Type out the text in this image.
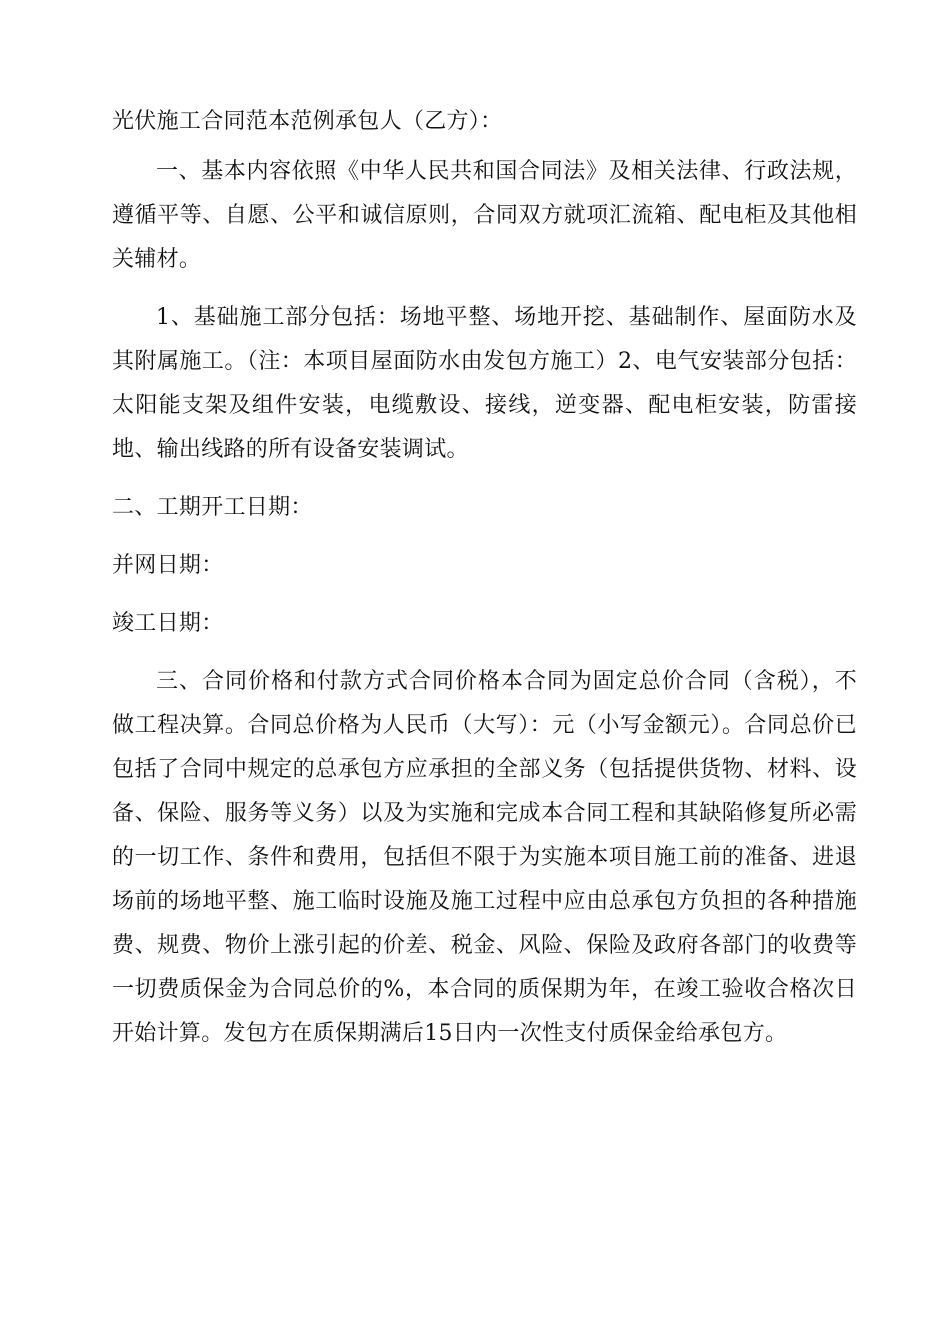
光伏施工合同范本范例承包人（乙方）：

一、基本内容依照《中华人民共和国合同法》及相关法律、行政法规，遵循平等、自愿、公平和诚信原则，合同双方就项汇流箱、配电柜及其他相关辅材。

1、基础施工部分包括：场地平整、场地开挖、基础制作、屋面防水及其附属施工。（注：本项目屋面防水由发包方施工）2、电气安装部分包括：太阳能支架及组件安装，电缆敷设、接线，逆变器、配电柜安装，防雷接地、输出线路的所有设备安装调试。

二、工期开工日期：

并网日期：

竣工日期：

三、合同价格和付款方式合同价格本合同为固定总价合同（含税），不做工程决算。合同总价格为人民币（大写）：元（小写金额元）。合同总价已包括了合同中规定的总承包方应承担的全部义务（包括提供货物、材料、设备、保险、服务等义务）以及为实施和完成本合同工程和其缺陷修复所必需的一切工作、条件和费用，包括但不限于为实施本项目施工前的准备、进退场前的场地平整、施工临时设施及施工过程中应由总承包方负担的各种措施费、规费、物价上涨引起的价差、税金、风险、保险及政府各部门的收费等一切费质保金为合同总价的%，本合同的质保期为年，在竣工验收合格次日开始计算。发包方在质保期满后15日内一次性支付质保金给承包方。
